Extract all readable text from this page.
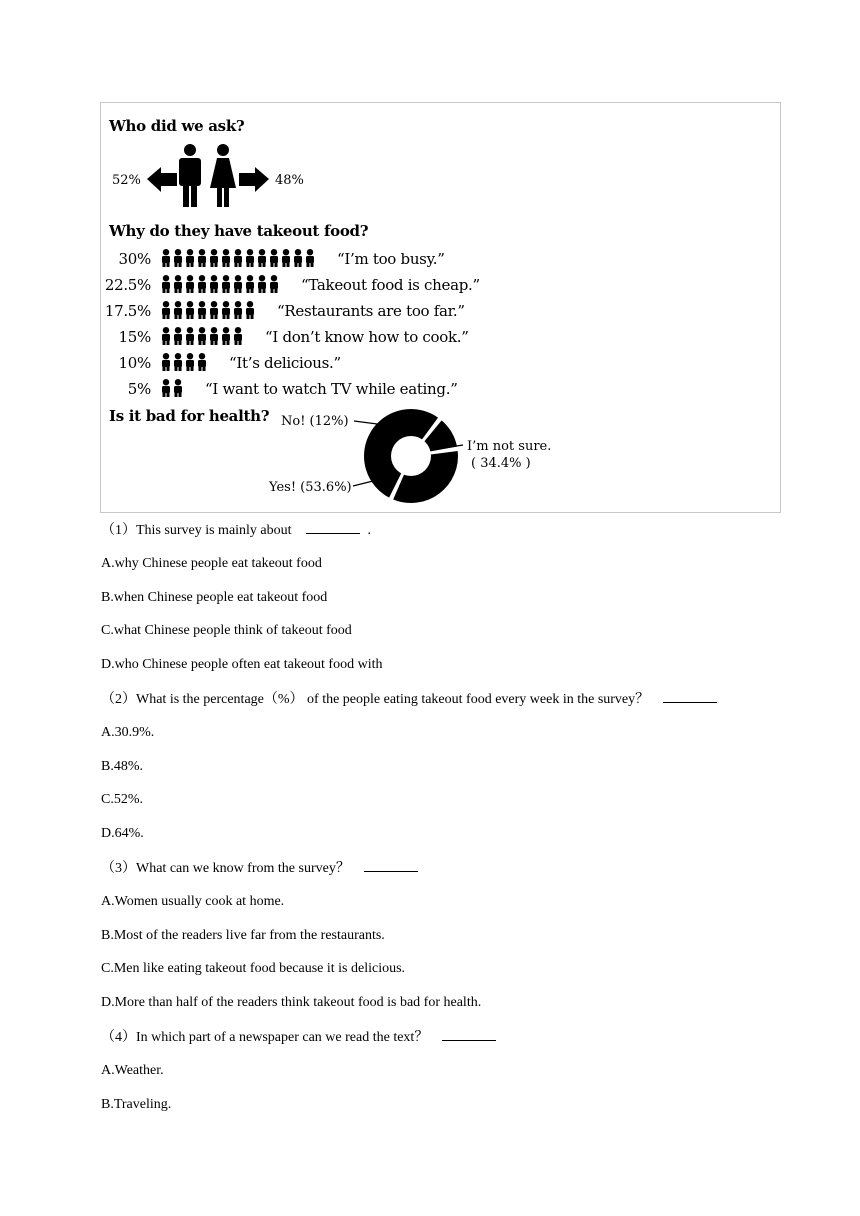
Who did we ask?
52%	48%
Why do they have takeout food?
30%	“I’m too busy.”
22.5%	“Takeout food is cheap.”
17.5%	“Restaurants are too far.”
15%	“I don’t know how to cook.”
10%	“It’s delicious.”
5%	“I want to watch TV while eating.”
Is it bad for health? No! (12%)
I’m not sure.
( 34.4% )
Yes! (53.6%)
（1）This survey is mainly about	.
A.why Chinese people eat takeout food
B.when Chinese people eat takeout food
C.what Chinese people think of takeout food
D.who Chinese people often eat takeout food with
（2）What is the percentage（%） of the people eating takeout food every week in the survey？
A.30.9%.
B.48%.
C.52%.
D.64%.
（3）What can we know from the survey？
A.Women usually cook at home.
B.Most of the readers live far from the restaurants.
C.Men like eating takeout food because it is delicious.
D.More than half of the readers think takeout food is bad for health.
（4）In which part of a newspaper can we read the text？
A.Weather.
B.Traveling.
